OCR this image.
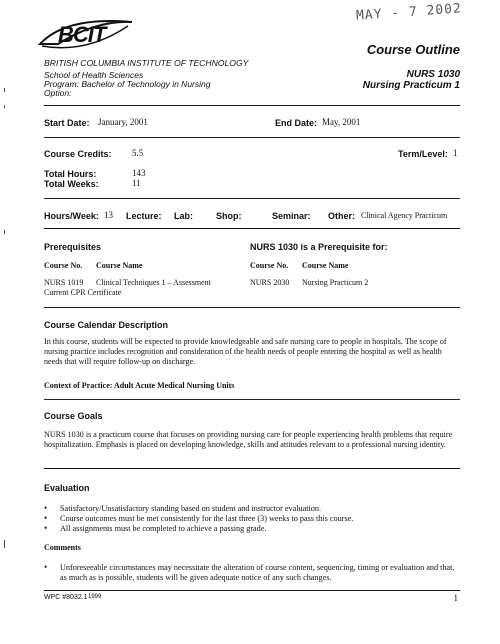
BCIT
MAY - 7 2002
Course Outline
BRITISH COLUMBIA INSTITUTE OF TECHNOLOGY
School of Health Sciences
Program: Bachelor of Technology in Nursing
Option:
NURS 1030
Nursing Practicum 1
Start Date: January, 2001	End Date: May, 2001
Course Credits: 5.5	Term/Level: 1
Total Hours:	143
Total Weeks:	11
Hours/Week: 13 Lecture: Lab:	Shop:	Seminar: Other: Clinical Agency Practicum
Prerequisites
Course No. Course Name
NURS 1019 Clinical Techniques 1 – Assessment
Current CPR Certificate
NURS 1030 is a Prerequisite for:
Course No. Course Name
NURS 2030 Nursing Practicum 2
Course Calendar Description
In this course, students will be expected to provide knowledgeable and safe nursing care to people in hospitals. The scope of nursing practice includes recognition and consideration of the health needs of people entering the hospital as well as health needs that will require follow-up on discharge.
Context of Practice: Adult Acute Medical Nursing Units
Course Goals
NURS 1030 is a practicum course that focuses on providing nursing care for people experiencing health problems that require hospitalization. Emphasis is placed on developing knowledge, skills and attitudes relevant to a professional nursing identity.
Evaluation
• Satisfactory/Unsatisfactory standing based on student and instructor evaluation.
• Course outcomes must be met consistently for the last three (3) weeks to pass this course.
• All assignments must be completed to achieve a passing grade.
Comments
• Unforeseeable circumstances may necessitate the alteration of course content, sequencing, timing or evaluation and that, as much as is possible, students will be given adequate notice of any such changes.
WPC #8032.1 1999	1
